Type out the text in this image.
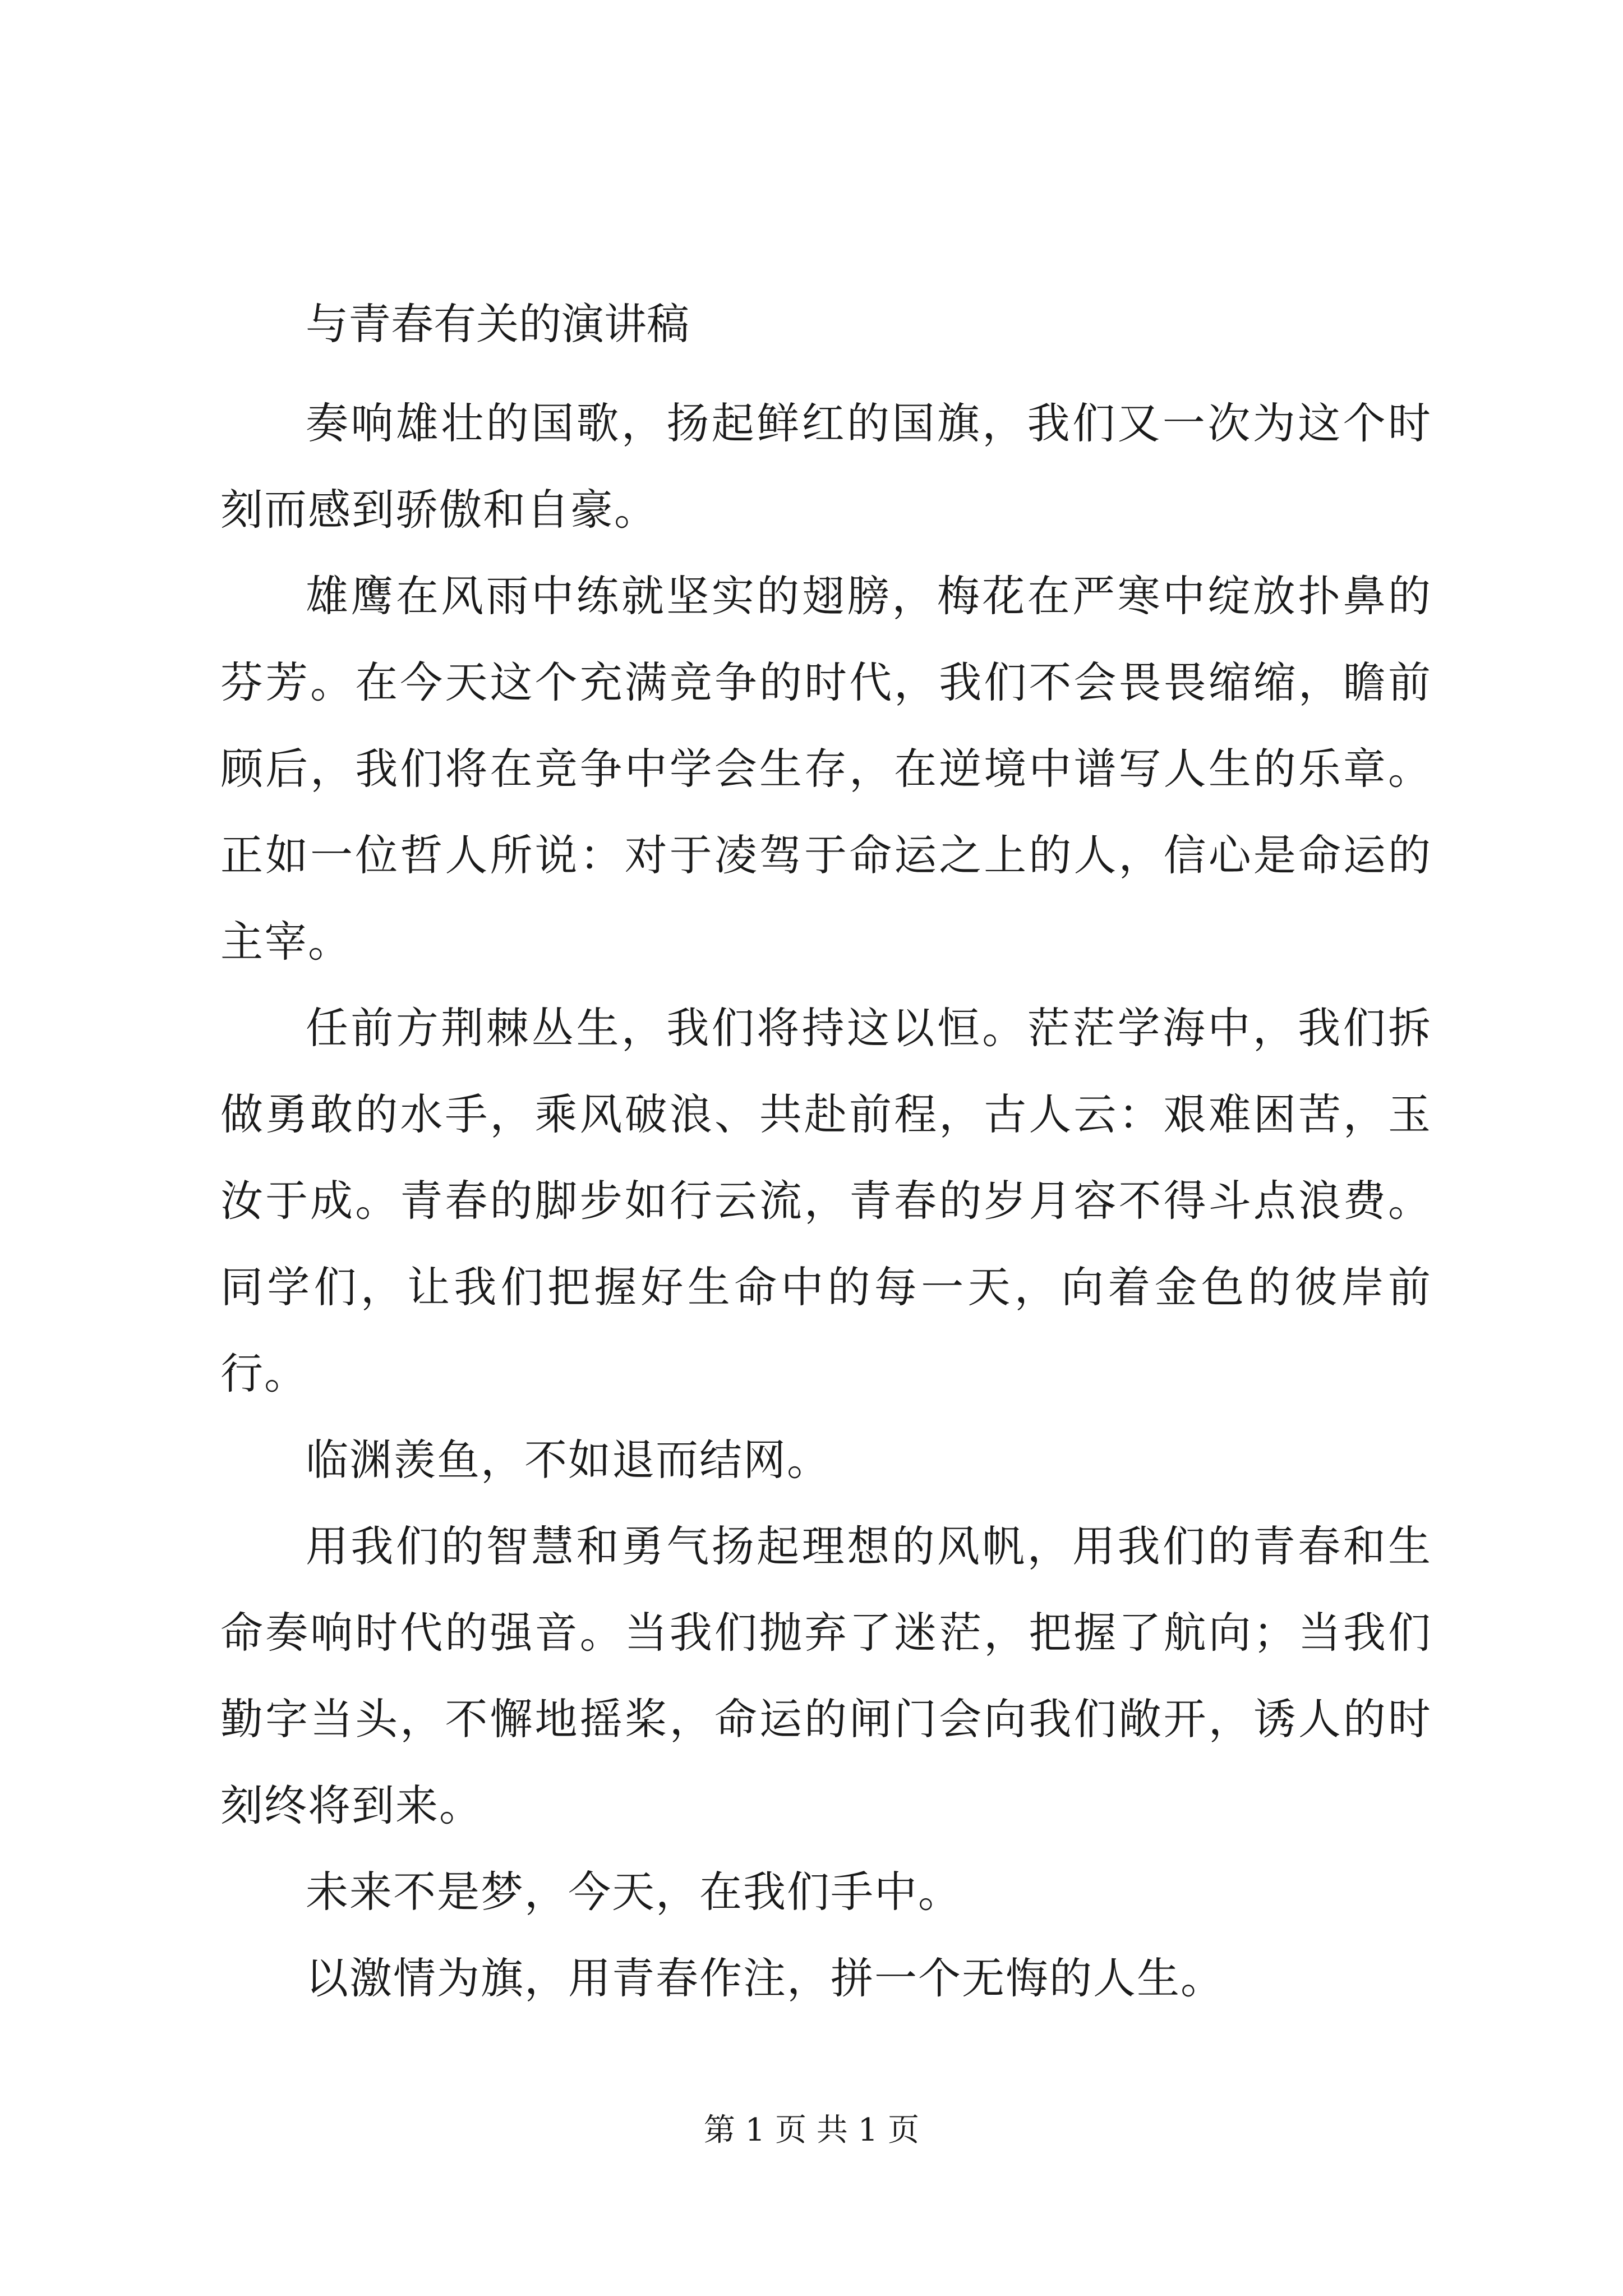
与青春有关的演讲稿

奏响雄壮的国歌，扬起鲜红的国旗，我们又一次为这个时刻而感到骄傲和自豪。

雄鹰在风雨中练就坚实的翅膀，梅花在严寒中绽放扑鼻的芬芳。在今天这个充满竞争的时代，我们不会畏畏缩缩，瞻前顾后，我们将在竞争中学会生存，在逆境中谱写人生的乐章。正如一位哲人所说：对于凌驾于命运之上的人，信心是命运的主宰。

任前方荆棘丛生，我们将持这以恒。茫茫学海中，我们拆做勇敢的水手，乘风破浪、共赴前程，古人云：艰难困苦，玉汝于成。青春的脚步如行云流，青春的岁月容不得斗点浪费。同学们，让我们把握好生命中的每一天，向着金色的彼岸前行。

临渊羡鱼，不如退而结网。

用我们的智慧和勇气扬起理想的风帆，用我们的青春和生命奏响时代的强音。当我们抛弃了迷茫，把握了航向；当我们勤字当头，不懈地摇桨，命运的闸门会向我们敞开，诱人的时刻终将到来。

未来不是梦，今天，在我们手中。

以激情为旗，用青春作注，拼一个无悔的人生。

第 1 页 共 1 页
